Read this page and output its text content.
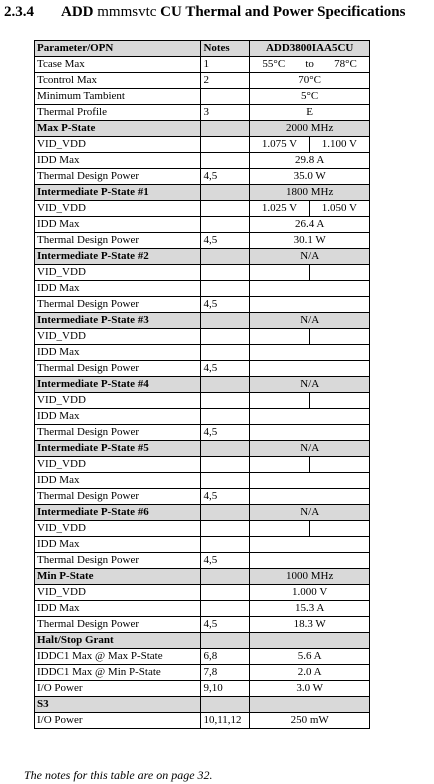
2.3.4 ADD mmmsvtc CU Thermal and Power Specifications
Parameter/OPN	Notes	ADD3800IAA5CU	
Tcase Max	1	55°C to 78°C	

Tcontrol Max	2	70°C	
Minimum Tambient		5°C	
Thermal Profile	3	E	
Max P-State		2000 MHz	
VID_VDD		1.075 V	1.100 V
IDD Max		29.8 A	
Thermal Design Power	4,5	35.0 W	
Intermediate P-State #1		1800 MHz	
VID_VDD		1.025 V	1.050 V
IDD Max		26.4 A	
Thermal Design Power	4,5	30.1 W	
Intermediate P-State #2		N/A	
VID_VDD			
IDD Max			
Thermal Design Power	4,5		
Intermediate P-State #3		N/A	
VID_VDD			
IDD Max			
Thermal Design Power	4,5		
Intermediate P-State #4		N/A	
VID_VDD			
IDD Max			
Thermal Design Power	4,5		
Intermediate P-State #5		N/A	
VID_VDD			
IDD Max			
Thermal Design Power	4,5		
Intermediate P-State #6		N/A	
VID_VDD			
IDD Max			
Thermal Design Power	4,5		
Min P-State		1000 MHz	
VID_VDD		1.000 V	
IDD Max		15.3 A	
Thermal Design Power	4,5	18.3 W	
Halt/Stop Grant			
IDDC1 Max @ Max P-State	6,8	5.6 A	
IDDC1 Max @ Min P-State	7,8	2.0 A	
I/O Power	9,10	3.0 W	
S3			
I/O Power	10,11,12	250 mW	
The notes for this table are on page 32.
